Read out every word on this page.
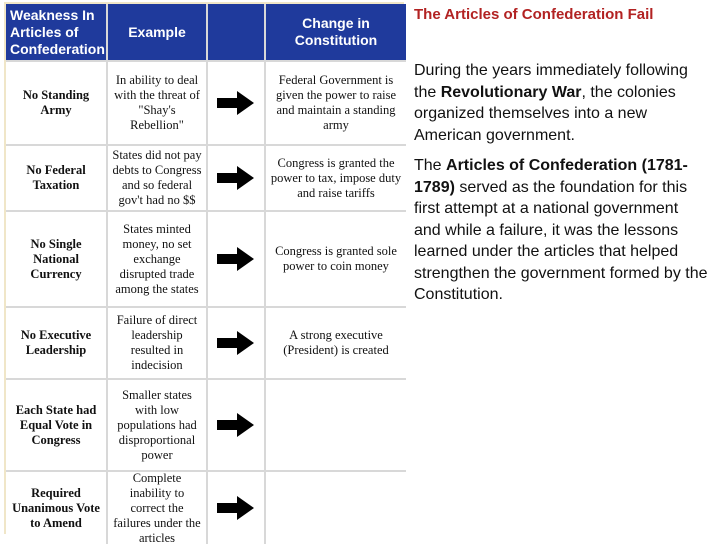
Weakness In Articles of Confederation
Example
Change in Constitution
No Standing Army
In ability to deal with the threat of "Shay's Rebellion"
Federal Government is given the power to raise and maintain a standing army
No Federal Taxation
States did not pay debts to Congress and so federal gov't had no $$
Congress is granted the power to tax, impose duty and raise tariffs
No Single National Currency
States minted money, no set exchange disrupted trade among the states
Congress is granted sole power to coin money
No Executive Leadership
Failure of direct leadership resulted in indecision
A strong executive (President) is created
Each State had Equal Vote in Congress
Smaller states with low populations had disproportional power
Required Unanimous Vote to Amend
Complete inability to correct the failures under the articles
The Articles of Confederation Fail

During the years immediately following the Revolutionary War, the colonies organized themselves into a new American government.

The Articles of Confederation (1781-1789) served as the foundation for this first attempt at a national government and while a failure, it was the lessons learned under the articles that helped strengthen the government formed by the Constitution.
